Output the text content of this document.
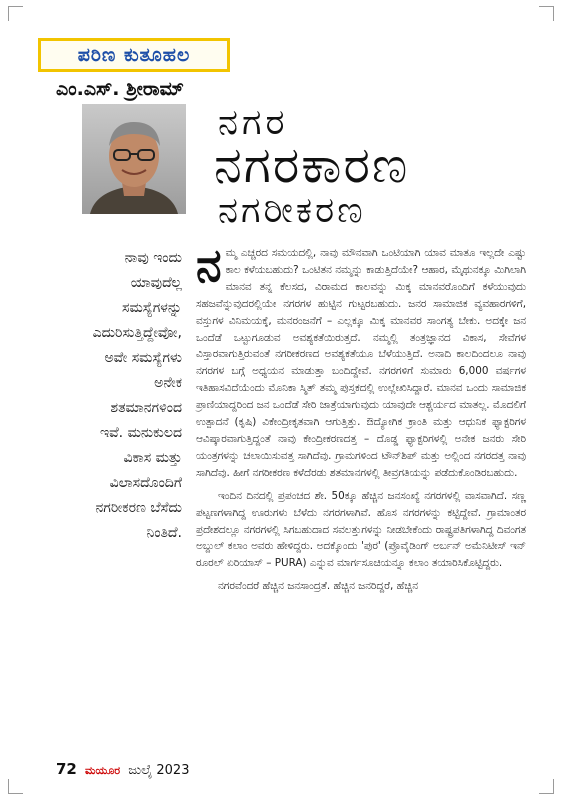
ಪರಿಣ ಕುತೂಹಲ
ಎಂ.ಎಸ್. ಶ್ರೀರಾಮ್
ನಗರ
ನಗರಕಾರಣ
ನಗರೀಕರಣ
ನಾವು ಇಂದು
ಯಾವುದೆಲ್ಲ
ಸಮಸ್ಯೆಗಳನ್ನು
ಎದುರಿಸುತ್ತಿದ್ದೇವೋ,
ಅವೇ ಸಮಸ್ಯೆಗಳು
ಅನೇಕ
ಶತಮಾನಗಳಿಂದ
ಇವೆ. ಮನುಕುಲದ
ವಿಕಾಸ ಮತ್ತು
ವಿಲಾಸದೊಂದಿಗೆ
ನಗರೀಕರಣ ಬೆಸೆದು
ನಿಂತಿದೆ.

ನಮ್ಮ ಎಚ್ಚರದ ಸಮಯದಲ್ಲಿ, ನಾವು ಮೌನವಾಗಿ ಒಂಟಿಯಾಗಿ ಯಾವ ಮಾತೂ ಇಲ್ಲದೇ ಎಷ್ಟು ಕಾಲ ಕಳೆಯಬಹುದು? ಒಂಟಿತನ ನಮ್ಮನ್ನು ಕಾಡುತ್ತಿದೆಯೇ? ಆಹಾರ, ಮೈಥುನಕ್ಕೂ ಮಿಗಿಲಾಗಿ ಮಾನವ ತನ್ನ ಕೆಲಸದ, ವಿರಾಮದ ಕಾಲವನ್ನು ಮಿಕ್ಕ ಮಾನವರೊಂದಿಗೆ ಕಳೆಯುವುದು ಸಹಜವೆನ್ನುವುದರಲ್ಲಿಯೇ ನಗರಗಳ ಹುಟ್ಟಿನ ಗುಟ್ಟರಬಹುದು. ಜನರ ಸಾಮಾಜಿಕ ವ್ಯವಹಾರಗಳಿಗೆ, ವಸ್ತುಗಳ ವಿನಿಮಯಕ್ಕೆ, ಮನರಂಜನೆಗೆ – ಎಲ್ಲಕ್ಕೂ ಮಿಕ್ಕ ಮಾನವರ ಸಾಂಗತ್ಯ ಬೇಕು. ಅದಕ್ಕೇ ಜನ ಒಂದೆಡೆ ಒಟ್ಟುಗೂಡುವ ಅವಶ್ಯಕತೆಯಿರುತ್ತದೆ. ನಮ್ಮಲ್ಲಿ ತಂತ್ರಜ್ಞಾನದ ವಿಕಾಸ, ಸೇವೆಗಳ ವಿಸ್ತಾರವಾಗುತ್ತಿರುವಂತೆ ನಗರೀಕರಣದ ಅವಶ್ಯಕತೆಯೂ ಬೆಳೆಯುತ್ತಿದೆ. ಅನಾದಿ ಕಾಲದಿಂದಲೂ ನಾವು ನಗರಗಳ ಬಗ್ಗೆ ಅಧ್ಯಯನ ಮಾಡುತ್ತಾ ಬಂದಿದ್ದೇವೆ. ನಗರಗಳಿಗೆ ಸುಮಾರು 6,000 ವರ್ಷಗಳ ಇತಿಹಾಸವಿದೆಯೆಂದು ಮೊನಿಕಾ ಸ್ಮಿತ್ ತಮ್ಮ ಪುಸ್ತಕದಲ್ಲಿ ಉಲ್ಲೇಖಿಸಿದ್ದಾರೆ. ಮಾನವ ಒಂದು ಸಾಮಾಜಿಕ ಪ್ರಾಣಿಯಾದ್ದರಿಂದ ಜನ ಒಂದೆಡೆ ಸೇರಿ ಜಾತ್ರೆಯಾಗುವುದು ಯಾವುದೇ ಆಶ್ಚರ್ಯದ ಮಾತಲ್ಲ. ಮೊದಲಿಗೆ ಉತ್ಪಾದನೆ (ಕೃಷಿ) ವಿಕೇಂದ್ರೀಕೃತವಾಗಿ ಆಗುತ್ತಿತ್ತು. ಔದ್ಯೋಗಿಕ ಕ್ರಾಂತಿ ಮತ್ತು ಆಧುನಿಕ ಫ್ಯಾಕ್ಟರಿಗಳ ಆವಿಷ್ಕಾರವಾಗುತ್ತಿದ್ದಂತೆ ನಾವು ಕೇಂದ್ರೀಕರಣದತ್ತ – ದೊಡ್ಡ ಫ್ಯಾಕ್ಟರಿಗಳಲ್ಲಿ ಅನೇಕ ಜನರು ಸೇರಿ ಯಂತ್ರಗಳನ್ನು ಚಲಾಯಿಸುವತ್ತ ಸಾಗಿದೆವು. ಗ್ರಾಮಗಳಿಂದ ಟೌನ್‌ಶಿಪ್ ಮತ್ತು ಅಲ್ಲಿಂದ ನಗರದತ್ತ ನಾವು ಸಾಗಿದೆವು. ಹೀಗೆ ನಗರೀಕರಣ ಕಳೆದೆರಡು ಶತಮಾನಗಳಲ್ಲಿ ತೀವ್ರಗತಿಯನ್ನು ಪಡೆದುಕೊಂಡಿರಬಹುದು.

ಇಂದಿನ ದಿನದಲ್ಲಿ ಪ್ರಪಂಚದ ಶೇ. 50ಕ್ಕೂ ಹೆಚ್ಚಿನ ಜನಸಂಖ್ಯೆ ನಗರಗಳಲ್ಲಿ ವಾಸವಾಗಿದೆ. ಸಣ್ಣ ಪಟ್ಟಣಗಳಾಗಿದ್ದ ಊರುಗಳು ಬೆಳೆದು ನಗರಗಳಾಗಿವೆ. ಹೊಸ ನಗರಗಳನ್ನು ಕಟ್ಟಿದ್ದೇವೆ. ಗ್ರಾಮಾಂತರ ಪ್ರದೇಶದಲ್ಲೂ ನಗರಗಳಲ್ಲಿ ಸಿಗಬಹುದಾದ ಸವಲತ್ತುಗಳನ್ನು ನೀಡಬೇಕೆಂದು ರಾಷ್ಟ್ರಪತಿಗಳಾಗಿದ್ದ ದಿವಂಗತ ಅಬ್ದುಲ್ ಕಲಾಂ ಅವರು ಹೇಳಿದ್ದರು. ಅದಕ್ಕೊಂದು 'ಪುರ' (ಪ್ರೊವೈಡಿಂಗ್ ಅರ್ಬನ್ ಅಮೆನಿಟೀಸ್ ಇನ್ ರೂರಲ್ ಏರಿಯಾಸ್ – PURA) ಎನ್ನುವ ಮಾರ್ಗಸೂಚಿಯನ್ನೂ ಕಲಾಂ ತಯಾರಿಸಿಕೊಟ್ಟಿದ್ದರು.

ನಗರವೆಂದರೆ ಹೆಚ್ಚಿನ ಜನಸಾಂದ್ರತೆ. ಹೆಚ್ಚಿನ ಜನರಿದ್ದರೆ, ಹೆಚ್ಚಿನ

72 ಮಯೂರ ಜುಲೈ 2023
